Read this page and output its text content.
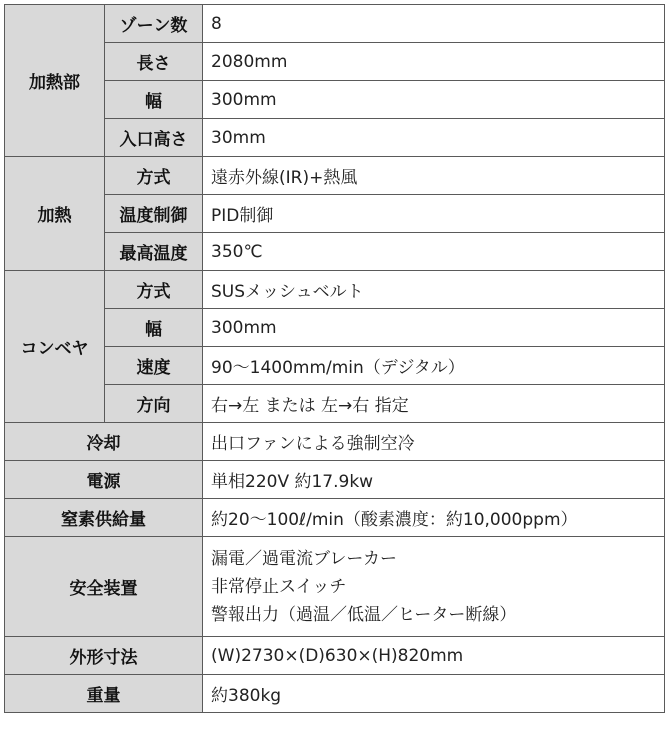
加熱部	ゾーン数	8
	長さ	2080mm
	幅	300mm
	入口高さ	30mm
加熱	方式	遠赤外線(IR)+熱風
	温度制御	PID制御
	最高温度	350℃
コンベヤ	方式	SUSメッシュベルト
	幅	300mm
	速度	90～1400mm/min（デジタル）
	方向	右→左 または 左→右 指定
冷却		出口ファンによる強制空冷
電源		単相220V 約17.9kw
窒素供給量		約20～100ℓ/min（酸素濃度：約10,000ppm）
安全装置		漏電／過電流ブレーカー
非常停止スイッチ
警報出力（過温／低温／ヒーター断線）

外形寸法		(W)2730×(D)630×(H)820mm
重量		約380kg
